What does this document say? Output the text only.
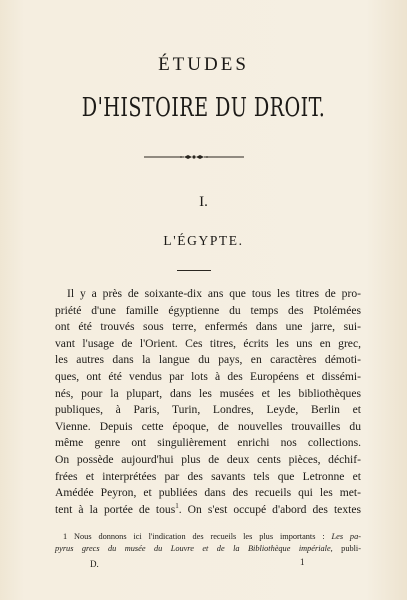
ÉTUDES
D'HISTOIRE DU DROIT.
I.
L'ÉGYPTE.
Il y a près de soixante-dix ans que tous les titres de pro-
priété d'une famille égyptienne du temps des Ptolémées
ont été trouvés sous terre, enfermés dans une jarre, sui-
vant l'usage de l'Orient. Ces titres, écrits les uns en grec,
les autres dans la langue du pays, en caractères démoti-
ques, ont été vendus par lots à des Européens et dissémi-
nés, pour la plupart, dans les musées et les bibliothèques
publiques, à Paris, Turin, Londres, Leyde, Berlin et
Vienne. Depuis cette époque, de nouvelles trouvailles du
même genre ont singulièrement enrichi nos collections.
On possède aujourd'hui plus de deux cents pièces, déchif-
frées et interprétées par des savants tels que Letronne et
Amédée Peyron, et publiées dans des recueils qui les met-
tent à la portée de tous$^1$. On s'est occupé d'abord des textes
1 Nous donnons ici l'indication des recueils les plus importants : Les pa-
pyrus grecs du musée du Louvre et de la Bibliothèque impériale, publi-
D.	1
